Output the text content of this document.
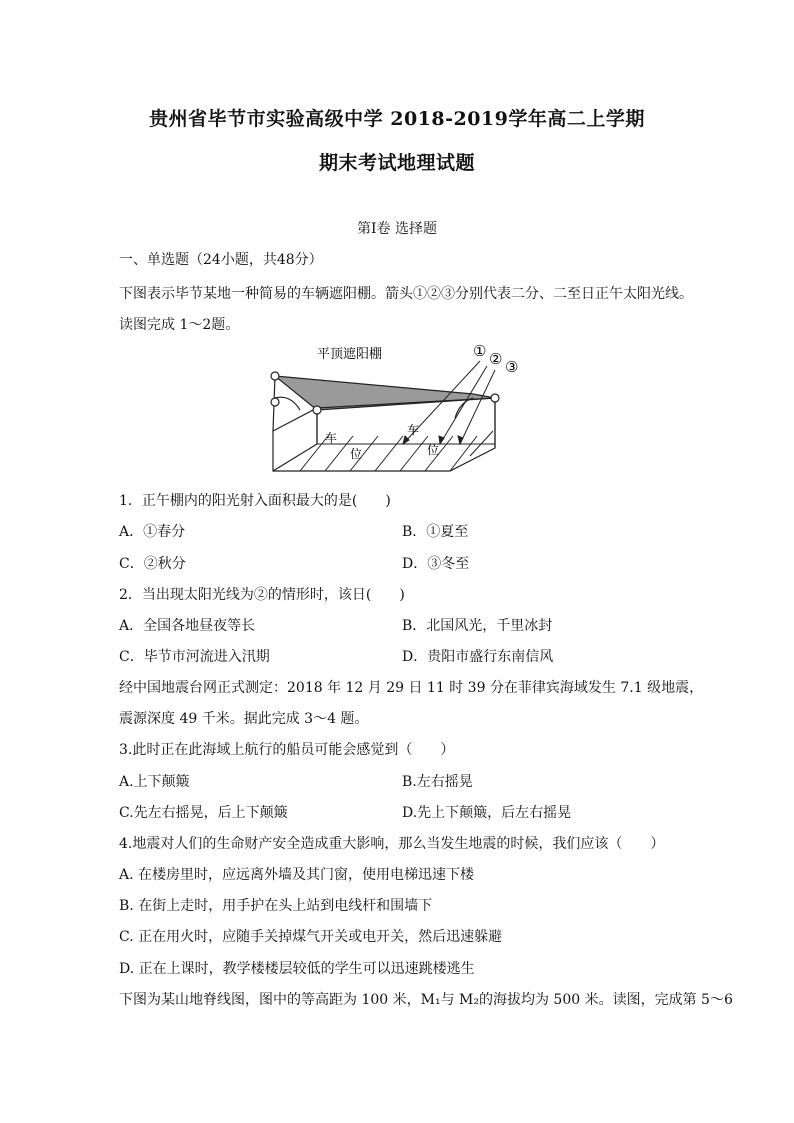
贵州省毕节市实验高级中学 2018-2019学年高二上学期
期末考试地理试题
第Ⅰ卷 选择题
一、单选题（24小题，共48分）
下图表示毕节某地一种简易的车辆遮阳棚。箭头①②③分别代表二分、二至日正午太阳光线。
读图完成 1～2题。
平顶遮阳棚	① ② ③
车
位
车
位
1．正午棚内的阳光射入面积最大的是(　　)
A．①春分	B．①夏至
C．②秋分	D．③冬至
2．当出现太阳光线为②的情形时，该日(　　)
A．全国各地昼夜等长	B．北国风光，千里冰封
C．毕节市河流进入汛期	D．贵阳市盛行东南信风
经中国地震台网正式测定：2018 年 12 月 29 日 11 时 39 分在菲律宾海域发生 7.1 级地震，
震源深度 49 千米。据此完成 3～4 题。
3.此时正在此海域上航行的船员可能会感觉到（　　）
A.上下颠簸	B.左右摇晃
C.先左右摇晃，后上下颠簸	D.先上下颠簸，后左右摇晃
4.地震对人们的生命财产安全造成重大影响，那么当发生地震的时候，我们应该（　　）
A. 在楼房里时，应远离外墙及其门窗，使用电梯迅速下楼
B. 在街上走时，用手护在头上站到电线杆和围墙下
C. 正在用火时，应随手关掉煤气开关或电开关，然后迅速躲避
D. 正在上课时，教学楼楼层较低的学生可以迅速跳楼逃生
下图为某山地脊线图，图中的等高距为 100 米，M₁与 M₂的海拔均为 500 米。读图，完成第 5～6
